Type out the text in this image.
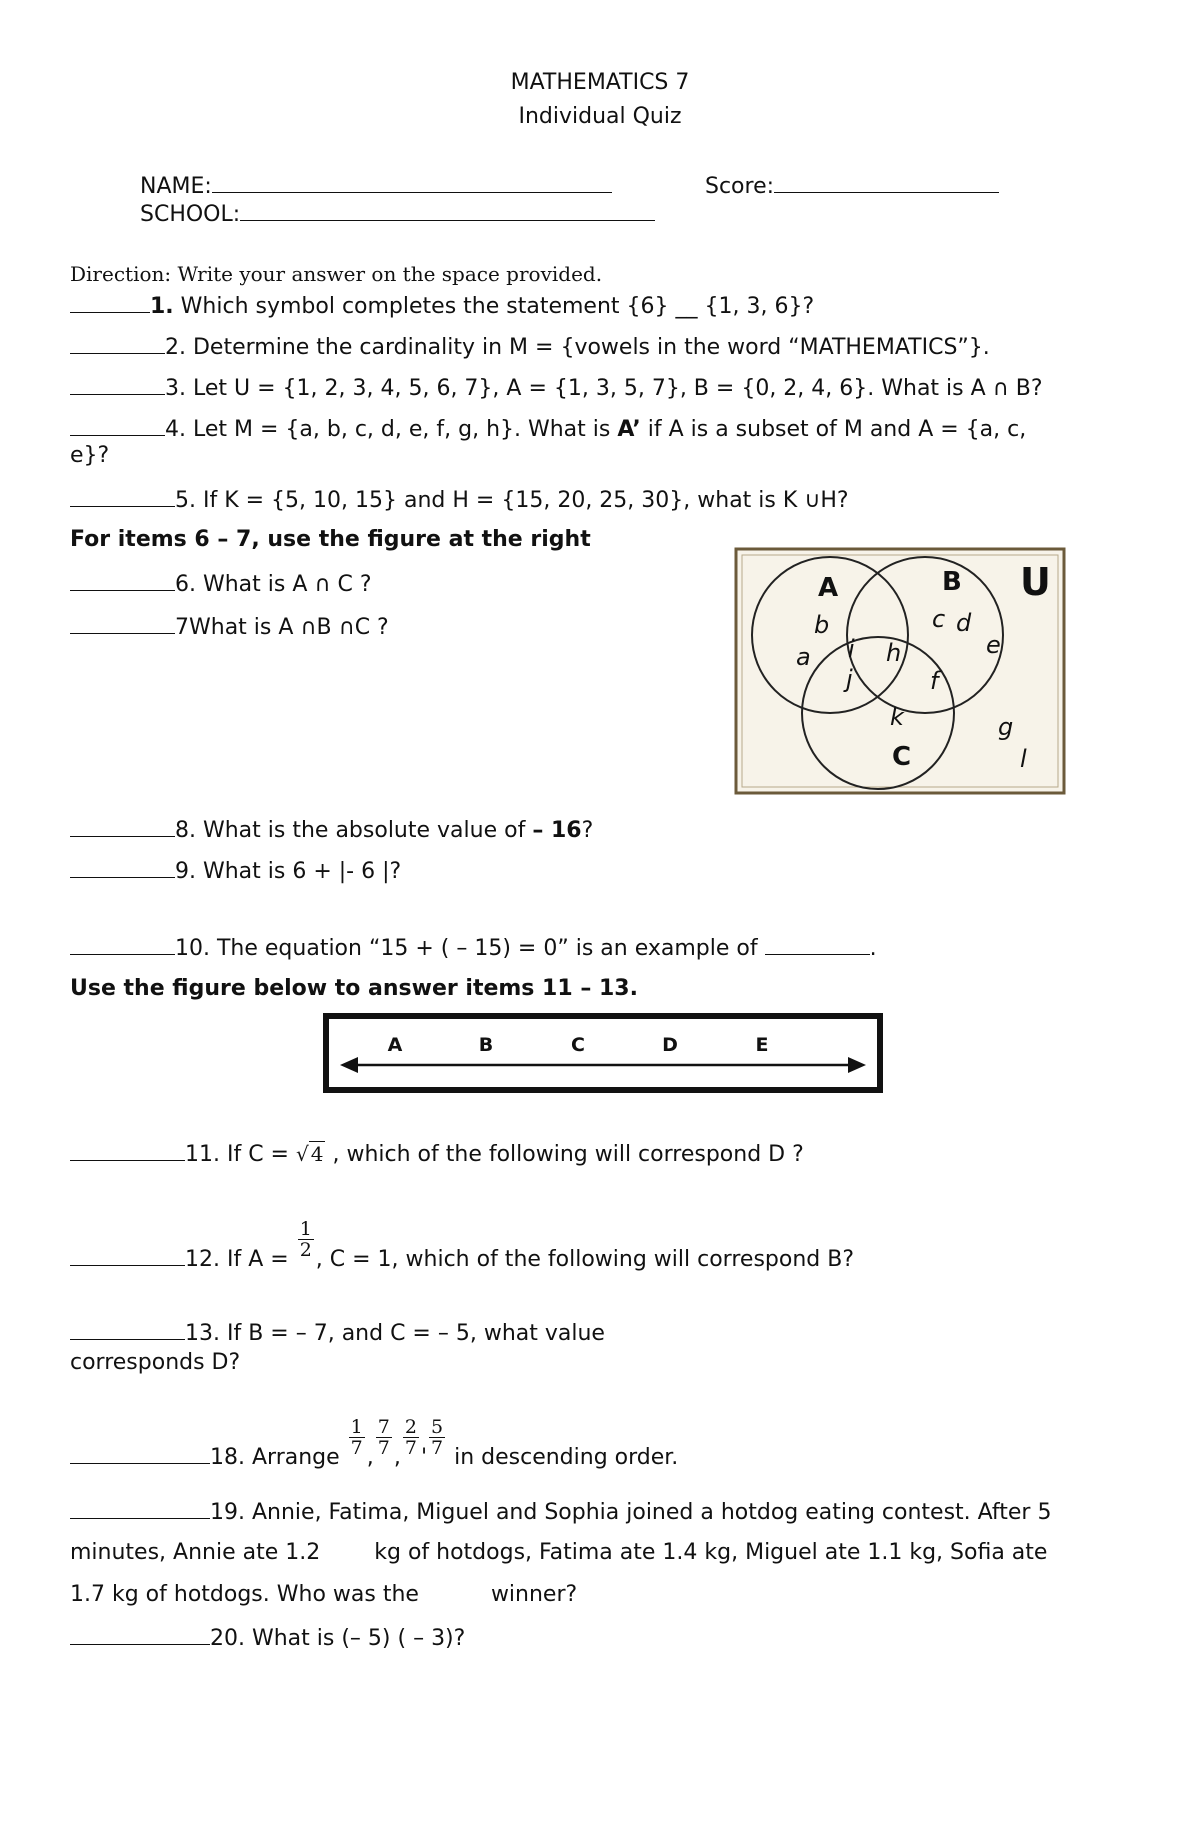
MATHEMATICS 7
Individual Quiz
NAME:	Score:
SCHOOL:
Direction: Write your answer on the space provided.
1. Which symbol completes the statement {6} __ {1, 3, 6}?
2. Determine the cardinality in M = {vowels in the word “MATHEMATICS”}.
3. Let U = {1, 2, 3, 4, 5, 6, 7}, A = {1, 3, 5, 7}, B = {0, 2, 4, 6}. What is A ∩ B?
4. Let M = {a, b, c, d, e, f, g, h}. What is A’ if A is a subset of M and A = {a, c,
e}?
5. If K = {5, 10, 15} and H = {15, 20, 25, 30}, what is K ∪H?
For items 6 – 7, use the figure at the right
6. What is A ∩ C ?
7What is A ∩B ∩C ?
U
A	B
C
a
b	c d
e
f
g
h
i
j
k
l
8. What is the absolute value of – 16?
9. What is 6 + |- 6 |?
10. The equation “15 + ( – 15) = 0” is an example of	.
Use the figure below to answer items 11 – 13.
A	B	C	D	E
11. If C = √ 4 , which of the following will correspond D ?
12. If $A = \frac{1}{2}$ , C = 1, which of the following will correspond B?
13. If B = – 7, and C = – 5, what value
corresponds D?
18. Arrange $\frac{1}{7}$ , $\frac{7}{7}$ , $\frac{2}{7}$ ' $\frac{5}{7}$ in descending order.
19. Annie, Fatima, Miguel and Sophia joined a hotdog eating contest. After 5
minutes, Annie ate 1.2 kg of hotdogs, Fatima ate 1.4 kg, Miguel ate 1.1 kg, Sofia ate
1.7 kg of hotdogs. Who was the	winner?
20. What is (– 5) ( – 3)?
